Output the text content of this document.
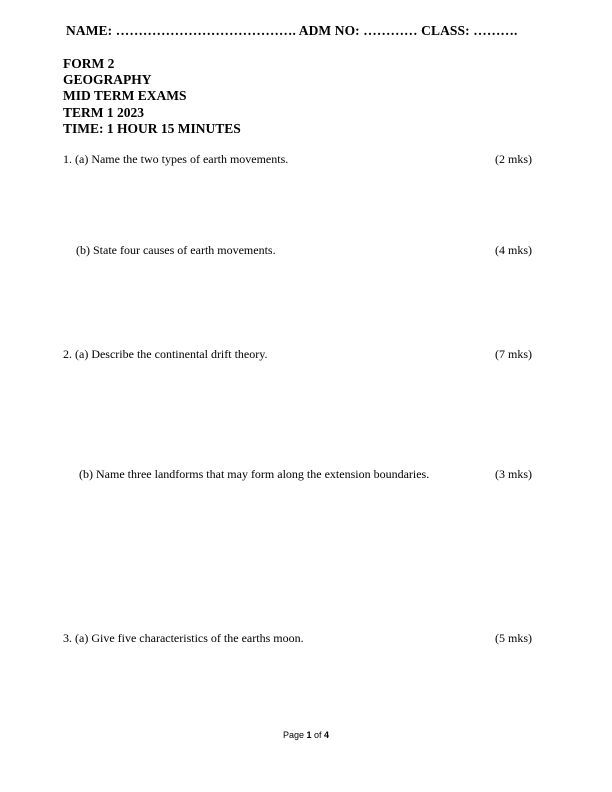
NAME: …………………………………. ADM NO: ………… CLASS: ……….
FORM 2
GEOGRAPHY
MID TERM EXAMS
TERM 1 2023
TIME: 1 HOUR 15 MINUTES
1. (a) Name the two types of earth movements.	(2 mks)
(b) State four causes of earth movements.	(4 mks)
2. (a) Describe the continental drift theory.	(7 mks)
(b) Name three landforms that may form along the extension boundaries.	(3 mks)
3. (a) Give five characteristics of the earths moon.	(5 mks)
Page 1 of 4
